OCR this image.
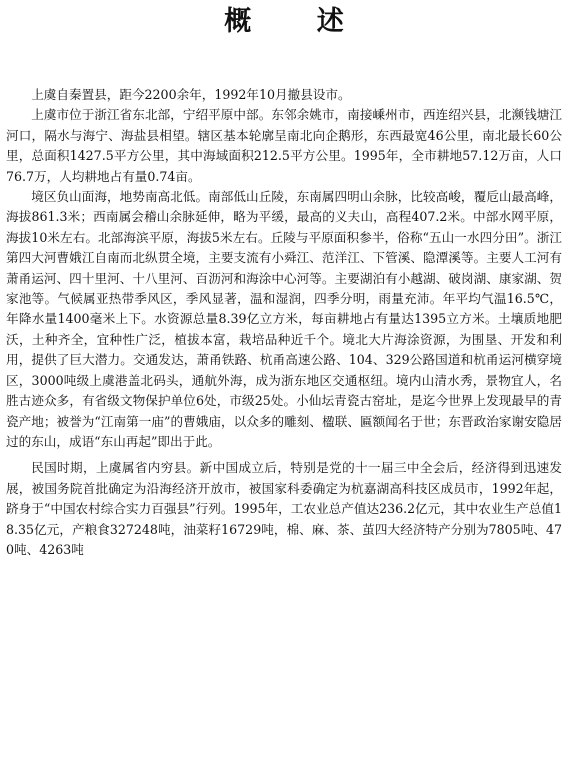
概 述

上虞自秦置县，距今2200余年，1992年10月撤县设市。

上虞市位于浙江省东北部，宁绍平原中部。东邻余姚市，南接嵊州市，西连绍兴县，北濒钱塘江河口，隔水与海宁、海盐县相望。辖区基本轮廓呈南北向企鹅形，东西最宽46公里，南北最长60公里，总面积1427.5平方公里，其中海域面积212.5平方公里。1995年，全市耕地57.12万亩，人口76.7万，人均耕地占有量0.74亩。

境区负山面海，地势南高北低。南部低山丘陵，东南属四明山余脉，比较高峻，覆卮山最高峰，海拔861.3米；西南属会稽山余脉延伸，略为平缓，最高的义夫山，高程407.2米。中部水网平原，海拔10米左右。北部海滨平原，海拔5米左右。丘陵与平原面积参半，俗称“五山一水四分田”。浙江第四大河曹娥江自南而北纵贯全境，主要支流有小舜江、范洋江、下管溪、隐潭溪等。主要人工河有萧甬运河、四十里河、十八里河、百沥河和海涂中心河等。主要湖泊有小越湖、破岗湖、康家湖、贺家池等。气候属亚热带季风区，季风显著，温和湿润，四季分明，雨量充沛。年平均气温16.5℃，年降水量1400毫米上下。水资源总量8.39亿立方米，每亩耕地占有量达1395立方米。土壤质地肥沃，土种齐全，宜种性广泛，植拔本富，栽培品种近千个。境北大片海涂资源，为围垦、开发和利用，提供了巨大潜力。交通发达，萧甬铁路、杭甬高速公路、104、329公路国道和杭甬运河横穿境区，3000吨级上虞港盖北码头，通航外海，成为浙东地区交通枢纽。境内山清水秀，景物宜人，名胜古迹众多，有省级文物保护单位6处，市级25处。小仙坛青瓷古窑址，是迄今世界上发现最早的青瓷产地；被誉为“江南第一庙”的曹娥庙，以众多的雕刻、楹联、匾额闻名于世；东晋政治家谢安隐居过的东山，成语“东山再起”即出于此。

民国时期，上虞属省内穷县。新中国成立后，特别是党的十一届三中全会后，经济得到迅速发展，被国务院首批确定为沿海经济开放市，被国家科委确定为杭嘉湖高科技区成员市，1992年起，跻身于“中国农村综合实力百强县”行列。1995年，工农业总产值达236.2亿元，其中农业生产总值18.35亿元，产粮食327248吨，油菜籽16729吨，棉、麻、茶、茧四大经济特产分别为7805吨、470吨、4263吨
